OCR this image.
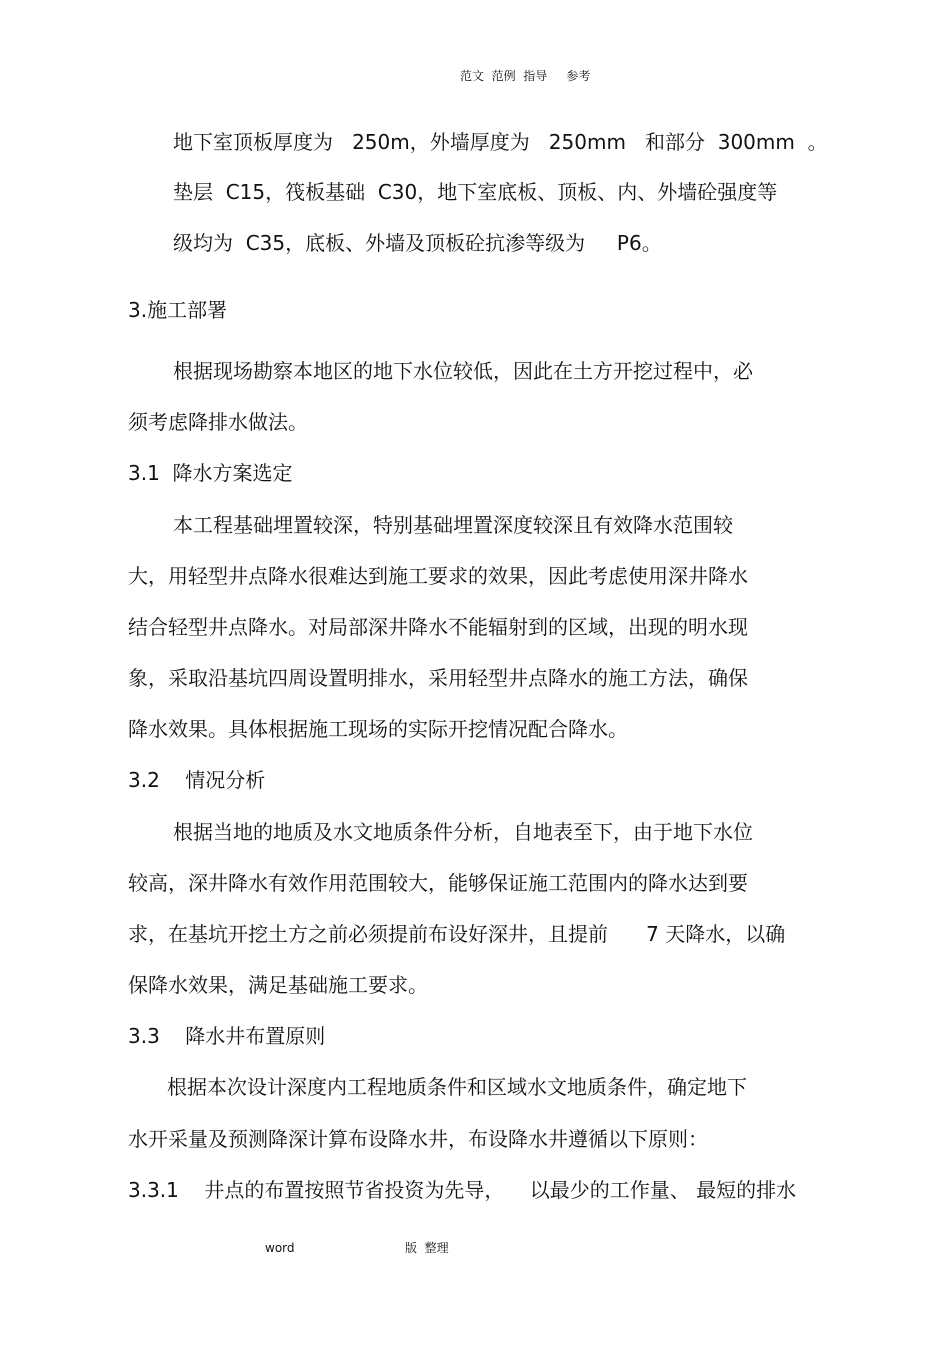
范文  范例  指导     参考
地下室顶板厚度为   250m，外墙厚度为   250mm   和部分  300mm  。
垫层  C15，筏板基础  C30，地下室底板、顶板、内、外墙砼强度等
级均为  C35，底板、外墙及顶板砼抗渗等级为     P6。
3.施工部署
根据现场勘察本地区的地下水位较低，因此在土方开挖过程中，必
须考虑降排水做法。
3.1  降水方案选定
本工程基础埋置较深，特别基础埋置深度较深且有效降水范围较
大，用轻型井点降水很难达到施工要求的效果，因此考虑使用深井降水
结合轻型井点降水。对局部深井降水不能辐射到的区域，出现的明水现
象，采取沿基坑四周设置明排水，采用轻型井点降水的施工方法，确保
降水效果。具体根据施工现场的实际开挖情况配合降水。
3.2    情况分析
根据当地的地质及水文地质条件分析，自地表至下，由于地下水位
较高，深井降水有效作用范围较大，能够保证施工范围内的降水达到要
求，在基坑开挖土方之前必须提前布设好深井，且提前      7 天降水，以确
保降水效果，满足基础施工要求。
3.3    降水井布置原则
根据本次设计深度内工程地质条件和区域水文地质条件，确定地下
水开采量及预测降深计算布设降水井，布设降水井遵循以下原则：
3.3.1    井点的布置按照节省投资为先导，    以最少的工作量、 最短的排水
word	版  整理
